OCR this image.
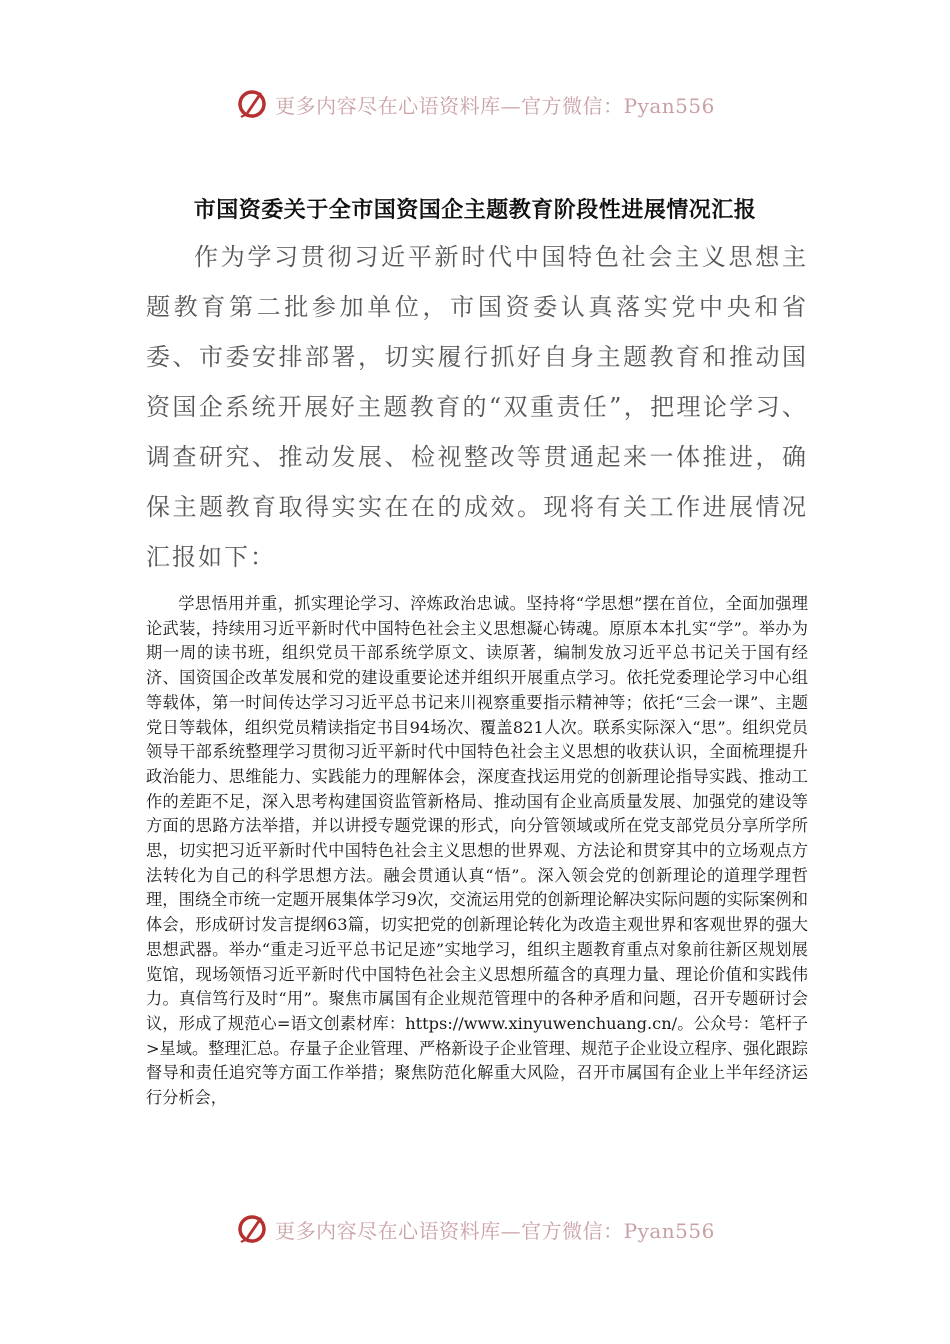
更多内容尽在心语资料库—官方微信：Pyan556
市国资委关于全市国资国企主题教育阶段性进展情况汇报

作为学习贯彻习近平新时代中国特色社会主义思想主题教育第二批参加单位，市国资委认真落实党中央和省委、市委安排部署，切实履行抓好自身主题教育和推动国资国企系统开展好主题教育的“双重责任”，把理论学习、调查研究、推动发展、检视整改等贯通起来一体推进，确保主题教育取得实实在在的成效。现将有关工作进展情况汇报如下：

学思悟用并重，抓实理论学习、淬炼政治忠诚。坚持将“学思想”摆在首位，全面加强理论武装，持续用习近平新时代中国特色社会主义思想凝心铸魂。原原本本扎实“学”。举办为期一周的读书班，组织党员干部系统学原文、读原著，编制发放习近平总书记关于国有经济、国资国企改革发展和党的建设重要论述并组织开展重点学习。依托党委理论学习中心组等载体，第一时间传达学习习近平总书记来川视察重要指示精神等；依托“三会一课”、主题党日等载体，组织党员精读指定书目94场次、覆盖821人次。联系实际深入“思”。组织党员领导干部系统整理学习贯彻习近平新时代中国特色社会主义思想的收获认识，全面梳理提升政治能力、思维能力、实践能力的理解体会，深度查找运用党的创新理论指导实践、推动工作的差距不足，深入思考构建国资监管新格局、推动国有企业高质量发展、加强党的建设等方面的思路方法举措，并以讲授专题党课的形式，向分管领域或所在党支部党员分享所学所思，切实把习近平新时代中国特色社会主义思想的世界观、方法论和贯穿其中的立场观点方法转化为自己的科学思想方法。融会贯通认真“悟”。深入领会党的创新理论的道理学理哲理，围绕全市统一定题开展集体学习9次，交流运用党的创新理论解决实际问题的实际案例和体会，形成研讨发言提纲63篇，切实把党的创新理论转化为改造主观世界和客观世界的强大思想武器。举办“重走习近平总书记足迹”实地学习，组织主题教育重点对象前往新区规划展览馆，现场领悟习近平新时代中国特色社会主义思想所蕴含的真理力量、理论价值和实践伟力。真信笃行及时“用”。聚焦市属国有企业规范管理中的各种矛盾和问题，召开专题研讨会议，形成了规范心=语文创素材库：https://www.xinyuwenchuang.cn/。公众号：笔杆子>星域。整理汇总。存量子企业管理、严格新设子企业管理、规范子企业设立程序、强化跟踪督导和责任追究等方面工作举措；聚焦防范化解重大风险，召开市属国有企业上半年经济运行分析会，

更多内容尽在心语资料库—官方微信：Pyan556
